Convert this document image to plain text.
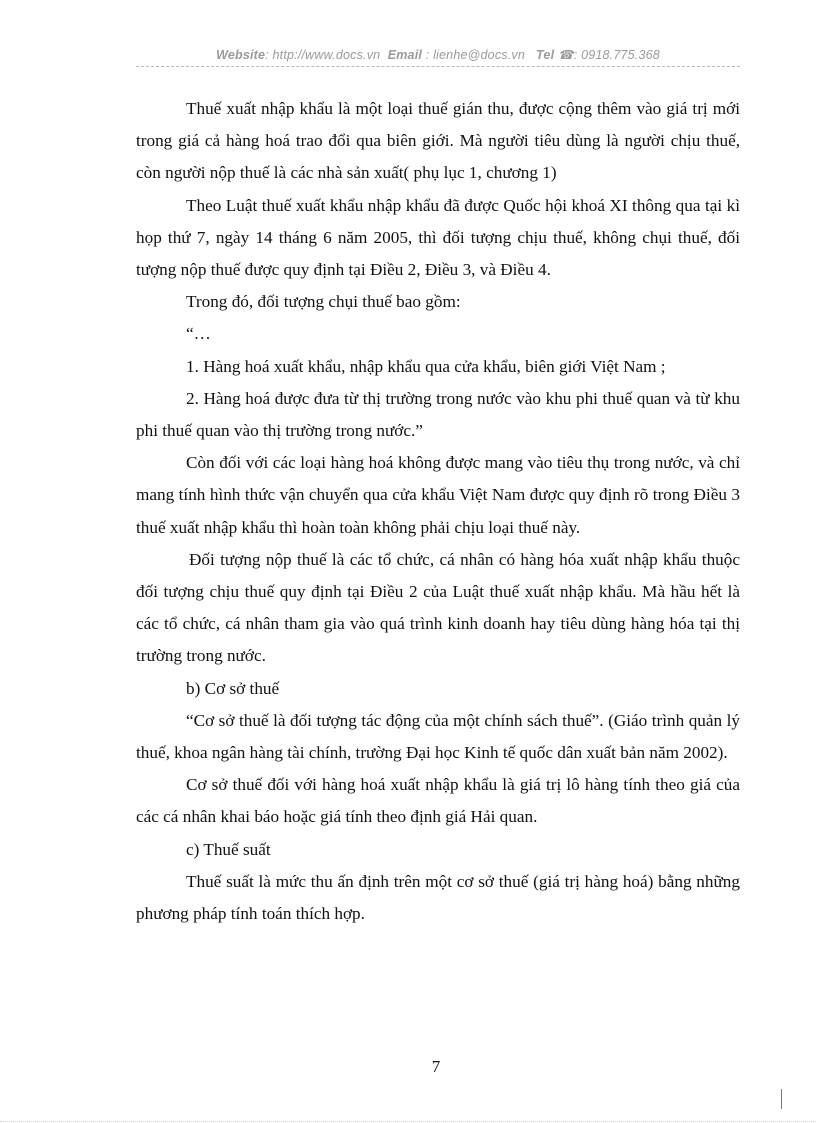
Website: http://www.docs.vn Email : lienhe@docs.vn Tel ☎: 0918.775.368

Thuế xuất nhập khẩu là một loại thuế gián thu, được cộng thêm vào giá trị mới trong giá cả hàng hoá trao đổi qua biên giới. Mà người tiêu dùng là người chịu thuế, còn người nộp thuế là các nhà sản xuất( phụ lục 1, chương 1)

Theo Luật thuế xuất khẩu nhập khẩu đã được Quốc hội khoá XI thông qua tại kì họp thứ 7, ngày 14 tháng 6 năm 2005, thì đối tượng chịu thuế, không chụi thuế, đối tượng nộp thuế được quy định tại Điều 2, Điều 3, và Điều 4.

Trong đó, đối tượng chụi thuế bao gồm:

“…

1. Hàng hoá xuất khẩu, nhập khẩu qua cửa khẩu, biên giới Việt Nam ;

2. Hàng hoá được đưa từ thị trường trong nước vào khu phi thuế quan và từ khu phi thuế quan vào thị trường trong nước.”

Còn đối với các loại hàng hoá không được mang vào tiêu thụ trong nước, và chỉ mang tính hình thức vận chuyển qua cửa khẩu Việt Nam được quy định rõ trong Điều 3 thuế xuất nhập khẩu thì hoàn toàn không phải chịu loại thuế này.

Đối tượng nộp thuế là các tổ chức, cá nhân có hàng hóa xuất nhập khẩu thuộc đối tượng chịu thuế quy định tại Điều 2 của Luật thuế xuất nhập khẩu. Mà hầu hết là các tổ chức, cá nhân tham gia vào quá trình kinh doanh hay tiêu dùng hàng hóa tại thị trường trong nước.

b) Cơ sở thuế

“Cơ sở thuế là đối tượng tác động của một chính sách thuế”. (Giáo trình quản lý thuế, khoa ngân hàng tài chính, trường Đại học Kinh tế quốc dân xuất bản năm 2002).

Cơ sở thuế đối với hàng hoá xuất nhập khẩu là giá trị lô hàng tính theo giá của các cá nhân khai báo hoặc giá tính theo định giá Hải quan.

c) Thuế suất

Thuế suất là mức thu ấn định trên một cơ sở thuế (giá trị hàng hoá) bằng những phương pháp tính toán thích hợp.

7
